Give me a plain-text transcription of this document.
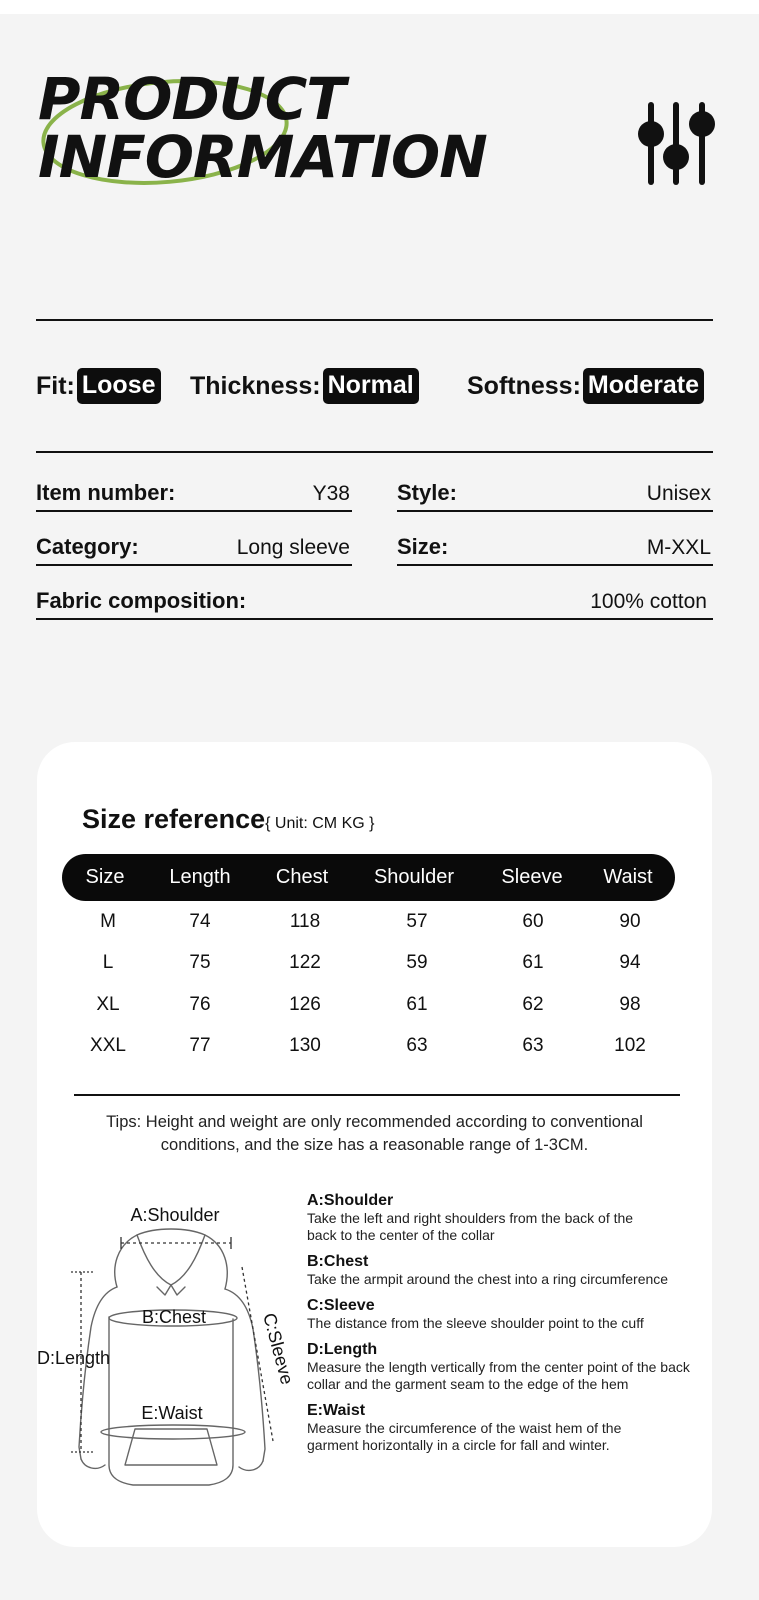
PRODUCT
INFORMATION
Fit: Loose Thickness: Normal Softness: Moderate
Item number:	Y38 Style:	Unisex
Category:	Long sleeve Size:	M-XXL
Fabric composition:	100% cotton
Size reference{ Unit: CM KG }
Size	Length	Chest	Shoulder	Sleeve	Waist
M	74	118	57	60	90
L	75	122	59	61	94
XL	76	126	61	62	98
XXL	77	130	63	63	102
Tips: Height and weight are only recommended according to conventional conditions, and the size has a reasonable range of 1-3CM.
A:Shoulder
B:Chest
E:Waist
D:Length	C:Sleeve
A:Shoulder
Take the left and right shoulders from the back of the back to the center of the collar
B:Chest
Take the armpit around the chest into a ring circumference
C:Sleeve
The distance from the sleeve shoulder point to the cuff
D:Length
Measure the length vertically from the center point of the back collar and the garment seam to the edge of the hem
E:Waist
Measure the circumference of the waist hem of the garment horizontally in a circle for fall and winter.
